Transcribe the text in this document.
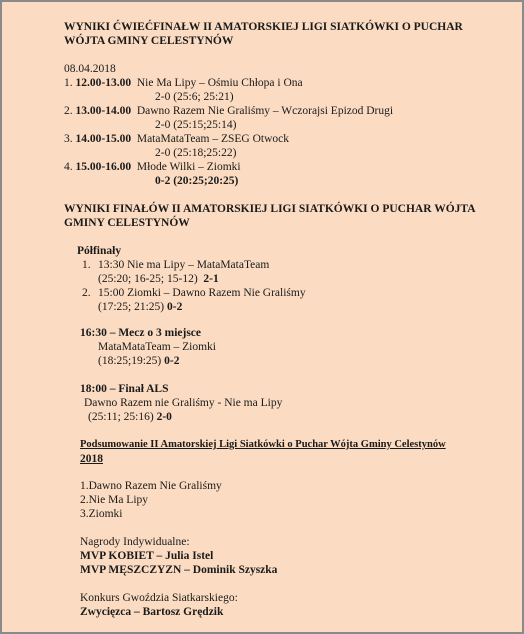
WYNIKI ĆWIEĆFINAŁW II AMATORSKIEJ LIGI SIATKÓWKI O PUCHAR
WÓJTA GMINY CELESTYNÓW
08.04.2018
1. 12.00-13.00 Nie Ma Lipy – Ośmiu Chłopa i Ona
2-0 (25:6; 25:21)
2. 13.00-14.00 Dawno Razem Nie Graliśmy – Wczorajsi Epizod Drugi
2-0 (25:15;25:14)
3. 14.00-15.00 MataMataTeam – ZSEG Otwock
2-0 (25:18;25:22)
4. 15.00-16.00 Młode Wilki – Ziomki
0-2 (20:25;20:25)
WYNIKI FINAŁÓW II AMATORSKIEJ LIGI SIATKÓWKI O PUCHAR WÓJTA
GMINY CELESTYNÓW
Półfinały
1. 13:30 Nie ma Lipy – MataMataTeam
(25:20; 16-25; 15-12) 2-1
2. 15:00 Ziomki – Dawno Razem Nie Graliśmy
(17:25; 21:25) 0-2
16:30 – Mecz o 3 miejsce
MataMataTeam – Ziomki
(18:25;19:25) 0-2
18:00 – Finał ALS
Dawno Razem nie Graliśmy - Nie ma Lipy
(25:11; 25:16) 2-0
Podsumowanie II Amatorskiej Ligi Siatkówki o Puchar Wójta Gminy Celestynów
2018
1.Dawno Razem Nie Graliśmy
2.Nie Ma Lipy
3.Ziomki
Nagrody Indywidualne:
MVP KOBIET – Julia Istel
MVP MĘSZCZYZN – Dominik Szyszka
Konkurs Gwoździa Siatkarskiego:
Zwycięzca – Bartosz Grędzik
